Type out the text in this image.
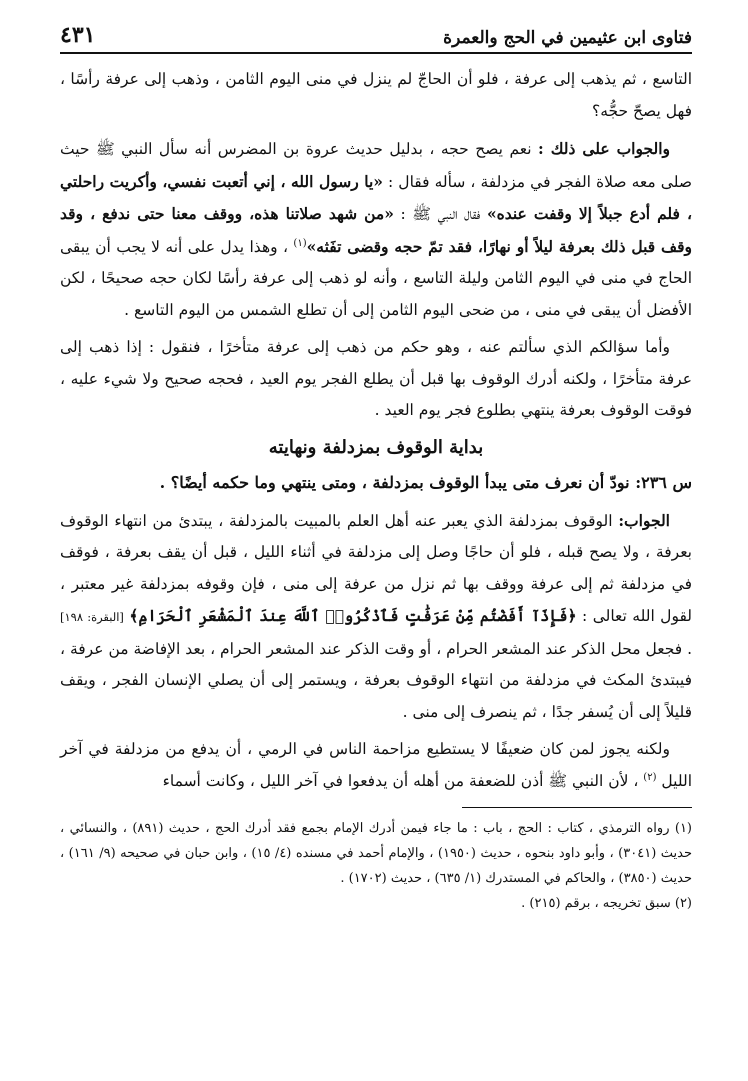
فتاوى ابن عثيمين في الحج والعمرة
٤٣١

التاسع ، ثم يذهب إلى عرفة ، فلو أن الحاجّ لم ينزل في منى اليوم الثامن ، وذهب إلى عرفة رأسًا ، فهل يصحّ حجُّه؟

والجواب على ذلك : نعم يصح حجه ، بدليل حديث عروة بن المضرس أنه سأل النبي ﷺ حيث صلى معه صلاة الفجر في مزدلفة ، سأله فقال : «يا رسول الله ، إني أتعبت نفسي، وأكريت راحلتي ، فلم أدع جبلاً إلا وقفت عنده» فقال النبي ﷺ : «من شهد صلاتنا هذه، ووقف معنا حتى ندفع ، وقد وقف قبل ذلك بعرفة ليلاً أو نهارًا، فقد تمّ حجه وقضى تفَثه»$^{(١)}$ ، وهذا يدل على أنه لا يجب أن يبقى الحاج في منى في اليوم الثامن وليلة التاسع ، وأنه لو ذهب إلى عرفة رأسًا لكان حجه صحيحًا ، لكن الأفضل أن يبقى في منى ، من ضحى اليوم الثامن إلى أن تطلع الشمس من اليوم التاسع .

وأما سؤالكم الذي سألتم عنه ، وهو حكم من ذهب إلى عرفة متأخرًا ، فنقول : إذا ذهب إلى عرفة متأخرًا ، ولكنه أدرك الوقوف بها قبل أن يطلع الفجر يوم العيد ، فحجه صحيح ولا شيء عليه ، فوقت الوقوف بعرفة ينتهي بطلوع فجر يوم العيد .

بداية الوقوف بمزدلفة ونهايته
س ٢٣٦: نودّ أن نعرف متى يبدأ الوقوف بمزدلفة ، ومتى ينتهي وما حكمه أيضًا؟ .

الجواب: الوقوف بمزدلفة الذي يعبر عنه أهل العلم بالمبيت بالمزدلفة ، يبتدئ من انتهاء الوقوف بعرفة ، ولا يصح قبله ، فلو أن حاجًا وصل إلى مزدلفة في أثناء الليل ، قبل أن يقف بعرفة ، فوقف في مزدلفة ثم إلى عرفة ووقف بها ثم نزل من عرفة إلى منى ، فإن وقوفه بمزدلفة غير معتبر ، لقول الله تعالى : ﴿فَإِذَآ أَفَضْتُم مِّنْ عَرَفَٰتٍ فَٱذْكُرُوا۟ ٱللَّهَ عِندَ ٱلْمَشْعَرِ ٱلْحَرَامِ﴾ [البقرة: ١٩٨] . فجعل محل الذكر عند المشعر الحرام ، أو وقت الذكر عند المشعر الحرام ، بعد الإفاضة من عرفة ، فيبتدئ المكث في مزدلفة من انتهاء الوقوف بعرفة ، ويستمر إلى أن يصلي الإنسان الفجر ، ويقف قليلاً إلى أن يُسفر جدًا ، ثم ينصرف إلى منى .

ولكنه يجوز لمن كان ضعيفًا لا يستطيع مزاحمة الناس في الرمي ، أن يدفع من مزدلفة في آخر الليل $^{(٢)}$ ، لأن النبي ﷺ أذن للضعفة من أهله أن يدفعوا في آخر الليل ، وكانت أسماء

(١) رواه الترمذي ، كتاب : الحج ، باب : ما جاء فيمن أدرك الإمام بجمع فقد أدرك الحج ، حديث (٨٩١) ، والنسائي ، حديث (٣٠٤١) ، وأبو داود بنحوه ، حديث (١٩٥٠) ، والإمام أحمد في مسنده (٤/ ١٥) ، وابن حبان في صحيحه (٩/ ١٦١) ، حديث (٣٨٥٠) ، والحاكم في المستدرك (١/ ٦٣٥) ، حديث (١٧٠٢) .

(٢) سبق تخريجه ، برقم (٢١٥) .
